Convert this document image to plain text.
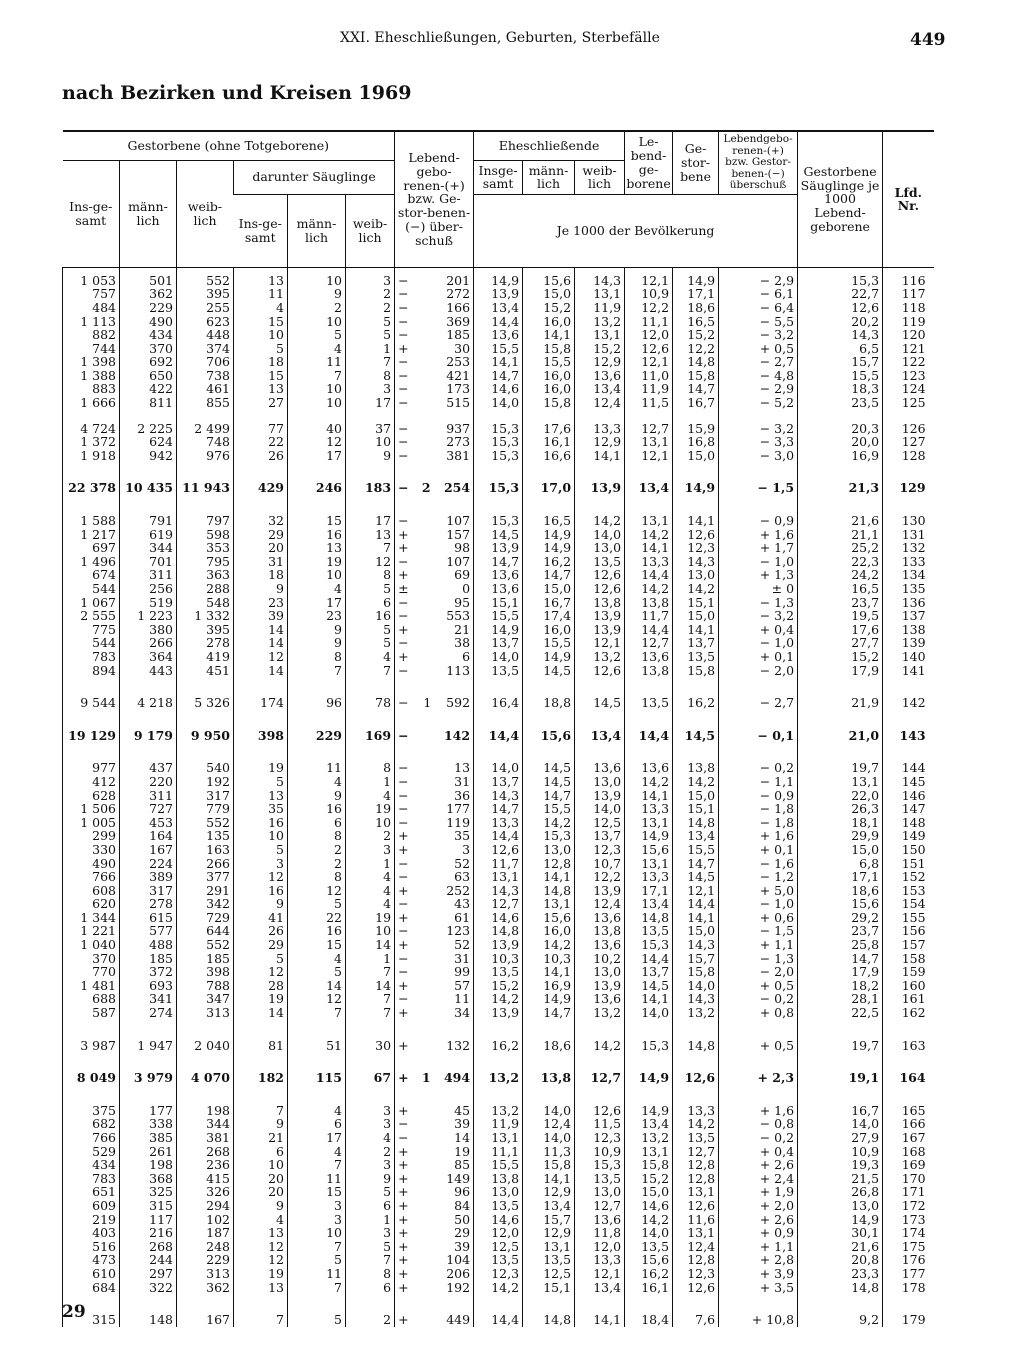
XXI. Eheschließungen, Geburten, Sterbefälle	449
nach Bezirken und Kreisen 1969
Gestorbene (ohne Totgeborene)						Lebend-gebo-renen-(+) bzw. Ge-stor-benen-(−) über-schuß	Eheschließende			Le-bend-ge-borene	Ge-stor-bene	Lebendgebo-renen-(+) bzw. Gestor-benen-(−) überschuß	Gestorbene Säuglinge je 1000 Lebend-geborene	Lfd. Nr.
Ins-ge-samt	männ-lich	weib-lich	darunter Säuglinge				Insge-samt	männ-lich	weib-lich					
			Ins-ge-samt	männ-lich	weib-lich		Je 1000 der Bevölkerung							
1 053	501	552	13	10	3	− 201	14,9	15,6	14,3	12,1	14,9	− 2,9	15,3	116
757	362	395	11	9	2	− 272	13,9	15,0	13,1	10,9	17,1	− 6,1	22,7	117
484	229	255	4	2	2	− 166	13,4	15,2	11,9	12,2	18,6	− 6,4	12,6	118
1 113	490	623	15	10	5	− 369	14,4	16,0	13,2	11,1	16,5	− 5,5	20,2	119
882	434	448	10	5	5	− 185	13,6	14,1	13,1	12,0	15,2	− 3,2	14,3	120
744	370	374	5	4	1	+ 30	15,5	15,8	15,2	12,6	12,2	+ 0,5	6,5	121
1 398	692	706	18	11	7	− 253	14,1	15,5	12,9	12,1	14,8	− 2,7	15,7	122
1 388	650	738	15	7	8	− 421	14,7	16,0	13,6	11,0	15,8	− 4,8	15,5	123
883	422	461	13	10	3	− 173	14,6	16,0	13,4	11,9	14,7	− 2,9	18,3	124
1 666	811	855	27	10	17	− 515	14,0	15,8	12,4	11,5	16,7	− 5,2	23,5	125

4 724	2 225	2 499	77	40	37	− 937	15,3	17,6	13,3	12,7	15,9	− 3,2	20,3	126
1 372	624	748	22	12	10	− 273	15,3	16,1	12,9	13,1	16,8	− 3,3	20,0	127
1 918	942	976	26	17	9	− 381	15,3	16,6	14,1	12,1	15,0	− 3,0	16,9	128

22 378	10 435	11 943	429	246	183	− 2 254	15,3	17,0	13,9	13,4	14,9	− 1,5	21,3	129

1 588	791	797	32	15	17	− 107	15,3	16,5	14,2	13,1	14,1	− 0,9	21,6	130
1 217	619	598	29	16	13	+ 157	14,5	14,9	14,0	14,2	12,6	+ 1,6	21,1	131
697	344	353	20	13	7	+ 98	13,9	14,9	13,0	14,1	12,3	+ 1,7	25,2	132
1 496	701	795	31	19	12	− 107	14,7	16,2	13,5	13,3	14,3	− 1,0	22,3	133
674	311	363	18	10	8	+ 69	13,6	14,7	12,6	14,4	13,0	+ 1,3	24,2	134
544	256	288	9	4	5	± 0	13,6	15,0	12,6	14,2	14,2	± 0	16,5	135
1 067	519	548	23	17	6	− 95	15,1	16,7	13,8	13,8	15,1	− 1,3	23,7	136
2 555	1 223	1 332	39	23	16	− 553	15,5	17,4	13,9	11,7	15,0	− 3,2	19,5	137
775	380	395	14	9	5	+ 21	14,9	16,0	13,9	14,4	14,1	+ 0,4	17,6	138
544	266	278	14	9	5	− 38	13,7	15,5	12,1	12,7	13,7	− 1,0	27,7	139
783	364	419	12	8	4	+ 6	14,0	14,9	13,2	13,6	13,5	+ 0,1	15,2	140
894	443	451	14	7	7	− 113	13,5	14,5	12,6	13,8	15,8	− 2,0	17,9	141

9 544	4 218	5 326	174	96	78	− 1 592	16,4	18,8	14,5	13,5	16,2	− 2,7	21,9	142

19 129	9 179	9 950	398	229	169	− 142	14,4	15,6	13,4	14,4	14,5	− 0,1	21,0	143

977	437	540	19	11	8	− 13	14,0	14,5	13,6	13,6	13,8	− 0,2	19,7	144
412	220	192	5	4	1	− 31	13,7	14,5	13,0	14,2	14,2	− 1,1	13,1	145
628	311	317	13	9	4	− 36	14,3	14,7	13,9	14,1	15,0	− 0,9	22,0	146
1 506	727	779	35	16	19	− 177	14,7	15,5	14,0	13,3	15,1	− 1,8	26,3	147
1 005	453	552	16	6	10	− 119	13,3	14,2	12,5	13,1	14,8	− 1,8	18,1	148
299	164	135	10	8	2	+ 35	14,4	15,3	13,7	14,9	13,4	+ 1,6	29,9	149
330	167	163	5	2	3	+ 3	12,6	13,0	12,3	15,6	15,5	+ 0,1	15,0	150
490	224	266	3	2	1	− 52	11,7	12,8	10,7	13,1	14,7	− 1,6	6,8	151
766	389	377	12	8	4	− 63	13,1	14,1	12,2	13,3	14,5	− 1,2	17,1	152
608	317	291	16	12	4	+ 252	14,3	14,8	13,9	17,1	12,1	+ 5,0	18,6	153
620	278	342	9	5	4	− 43	12,7	13,1	12,4	13,4	14,4	− 1,0	15,6	154
1 344	615	729	41	22	19	+ 61	14,6	15,6	13,6	14,8	14,1	+ 0,6	29,2	155
1 221	577	644	26	16	10	− 123	14,8	16,0	13,8	13,5	15,0	− 1,5	23,7	156
1 040	488	552	29	15	14	+ 52	13,9	14,2	13,6	15,3	14,3	+ 1,1	25,8	157
370	185	185	5	4	1	− 31	10,3	10,3	10,2	14,4	15,7	− 1,3	14,7	158
770	372	398	12	5	7	− 99	13,5	14,1	13,0	13,7	15,8	− 2,0	17,9	159
1 481	693	788	28	14	14	+ 57	15,2	16,9	13,9	14,5	14,0	+ 0,5	18,2	160
688	341	347	19	12	7	− 11	14,2	14,9	13,6	14,1	14,3	− 0,2	28,1	161
587	274	313	14	7	7	+ 34	13,9	14,7	13,2	14,0	13,2	+ 0,8	22,5	162

3 987	1 947	2 040	81	51	30	+ 132	16,2	18,6	14,2	15,3	14,8	+ 0,5	19,7	163

8 049	3 979	4 070	182	115	67	+ 1 494	13,2	13,8	12,7	14,9	12,6	+ 2,3	19,1	164

375	177	198	7	4	3	+ 45	13,2	14,0	12,6	14,9	13,3	+ 1,6	16,7	165
682	338	344	9	6	3	− 39	11,9	12,4	11,5	13,4	14,2	− 0,8	14,0	166
766	385	381	21	17	4	− 14	13,1	14,0	12,3	13,2	13,5	− 0,2	27,9	167
529	261	268	6	4	2	+ 19	11,1	11,3	10,9	13,1	12,7	+ 0,4	10,9	168
434	198	236	10	7	3	+ 85	15,5	15,8	15,3	15,8	12,8	+ 2,6	19,3	169
783	368	415	20	11	9	+ 149	13,8	14,1	13,5	15,2	12,8	+ 2,4	21,5	170
651	325	326	20	15	5	+ 96	13,0	12,9	13,0	15,0	13,1	+ 1,9	26,8	171
609	315	294	9	3	6	+ 84	13,5	13,4	12,7	14,6	12,6	+ 2,0	13,0	172
219	117	102	4	3	1	+ 50	14,6	15,7	13,6	14,2	11,6	+ 2,6	14,9	173
403	216	187	13	10	3	+ 29	12,0	12,9	11,8	14,0	13,1	+ 0,9	30,1	174
516	268	248	12	7	5	+ 39	12,5	13,1	12,0	13,5	12,4	+ 1,1	21,6	175
473	244	229	12	5	7	+ 104	13,5	13,5	13,3	15,6	12,8	+ 2,8	20,8	176
610	297	313	19	11	8	+ 206	12,3	12,5	12,1	16,2	12,3	+ 3,9	23,3	177
684	322	362	13	7	6	+ 192	14,2	15,1	13,4	16,1	12,6	+ 3,5	14,8	178

315	148	167	7	5	2	+ 449	14,4	14,8	14,1	18,4	7,6	+ 10,8	9,2	179
29
